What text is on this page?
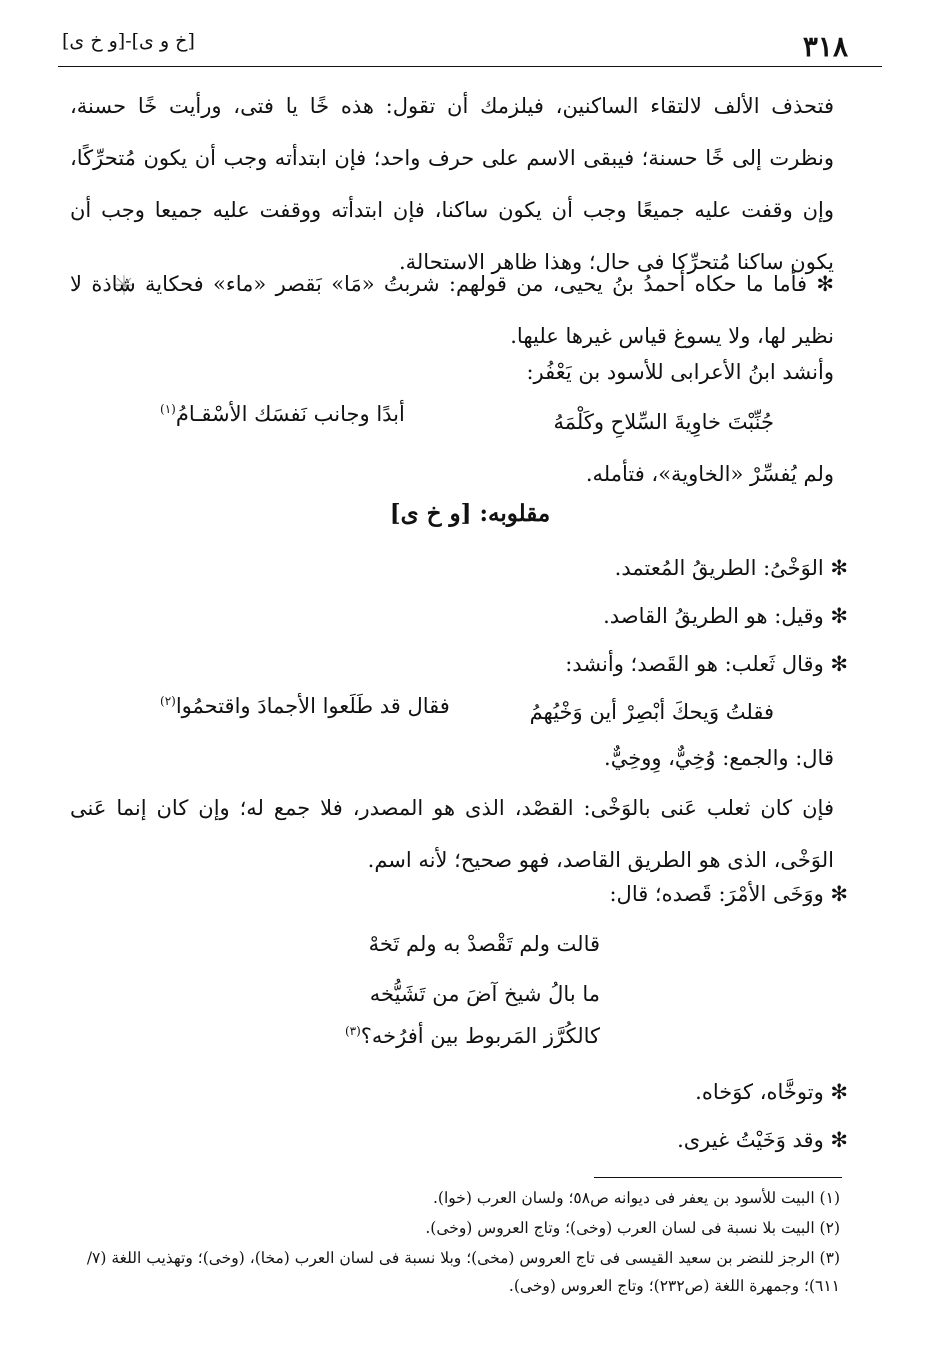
٣١٨
[خ و ى]-[و خ ى]
فتحذف الألف لالتقاء الساكنين، فيلزمك أن تقول: هذه خًا يا فتى، ورأيت خًا حسنة، ونظرت إلى خًا حسنة؛ فيبقى الاسم على حرف واحد؛ فإن ابتدأته وجب أن يكون مُتحرِّكًا، وإن وقفت عليه جميعًا وجب أن يكون ساكنا، فإن ابتدأته ووقفت عليه جميعا وجب أن يكون ساكنا مُتحرِّكا فى حال؛ وهذا ظاهر الاستحالة.
✻ فأما ما حكاه أحمدُ بنُ يحيى، من قولهم: شربتُ «مَا» بَقصر «ماء» فحكاية شاذة لا نظير لها، ولا يسوغ قياس غيرها عليها.
وأنشد ابنُ الأعرابى للأسود بن يَعْفُر:
جُنِّبْتَ خاوِيةَ السِّلاحِ وكَلْمَهُ
أبدًا وجانب نَفسَك الأسْقـامُ$^{(١)}$
ولم يُفسِّرْ «الخاوية»، فتأمله.
مقلوبه: [و خ ى]
✻ الوَخْىُ: الطريقُ المُعتمد.
✻ وقيل: هو الطريقُ القاصد.
✻ وقال ثَعلب: هو القَصد؛ وأنشد:
فقلتُ وَيحكَ أبْصِرْ أين وَخْيُهمُ
فقال قد طَلَعوا الأجمادَ واقتحمُوا$^{(٢)}$
قال: والجمع: وُخِيٌّ، وِوخِيٌّ.
فإن كان ثعلب عَنى بالوَخْى: القصْد، الذى هو المصدر، فلا جمع له؛ وإن كان إنما عَنى الوَخْى، الذى هو الطريق القاصد، فهو صحيح؛ لأنه اسم.
✻ ووَخَى الأمْرَ: قَصده؛ قال:
قالت ولم تَقْصدْ به ولم تَخهْ
ما بالُ شيخ آضَ من تَشَيُّخه
كالكُرَّز المَربوط بين أفرُخه؟$^{(٣)}$
✻ وتوخَّاه، كوَخاه.
✻ وقد وَخَيْتُ غيرى.
(١) البيت للأسود بن يعفر فى ديوانه ص٥٨؛ ولسان العرب (خوا).
(٢) البيت بلا نسبة فى لسان العرب (وخى)؛ وتاج العروس (وخى).
(٣) الرجز للنضر بن سعيد القيسى فى تاج العروس (مخى)؛ وبلا نسبة فى لسان العرب (مخا)، (وخى)؛ وتهذيب اللغة (٧/ ٦١١)؛ وجمهرة اللغة (ص٢٣٢)؛ وتاج العروس (وخى).
